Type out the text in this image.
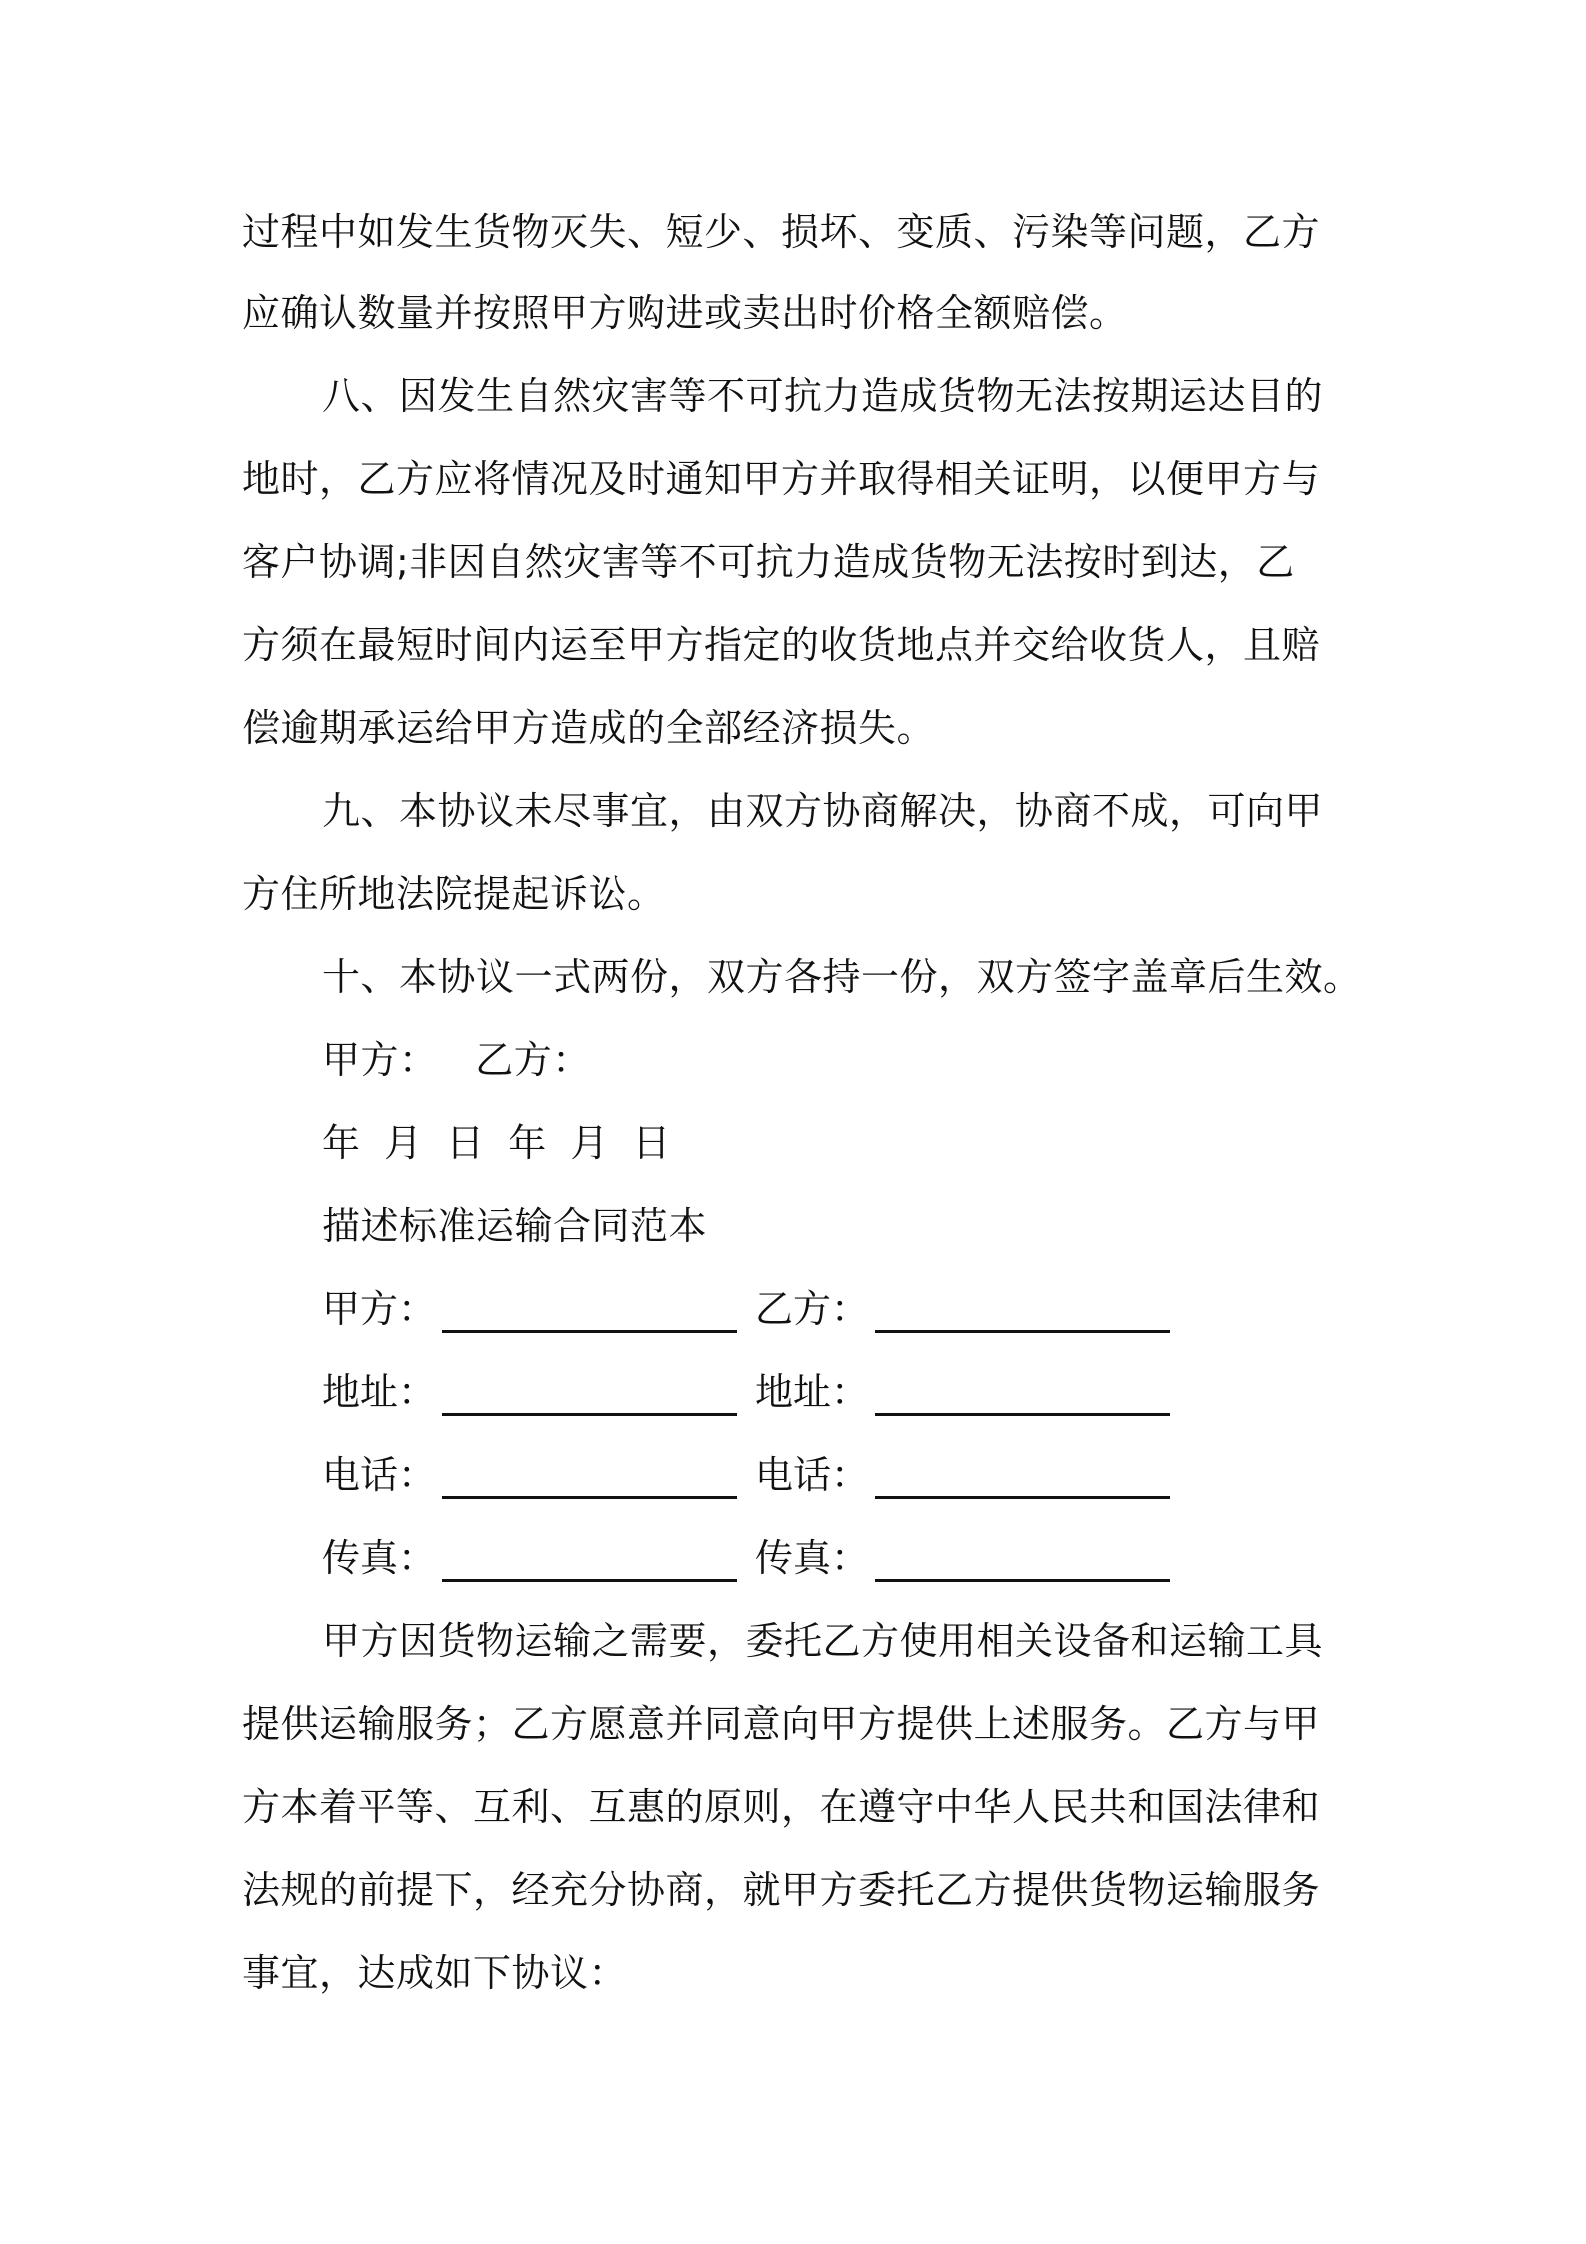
过程中如发生货物灭失、短少、损坏、变质、污染等问题，乙方

应确认数量并按照甲方购进或卖出时价格全额赔偿。

八、因发生自然灾害等不可抗力造成货物无法按期运达目的

地时，乙方应将情况及时通知甲方并取得相关证明，以便甲方与

客户协调;非因自然灾害等不可抗力造成货物无法按时到达，乙

方须在最短时间内运至甲方指定的收货地点并交给收货人，且赔

偿逾期承运给甲方造成的全部经济损失。

九、本协议未尽事宜，由双方协商解决，协商不成，可向甲

方住所地法院提起诉讼。

十、本协议一式两份，双方各持一份，双方签字盖章后生效。

甲方：   乙方：

年 月 日 年 月 日

描述标准运输合同范本

甲方：	乙方：
地址：	地址：
电话：	电话：
传真：	传真：

甲方因货物运输之需要，委托乙方使用相关设备和运输工具

提供运输服务；乙方愿意并同意向甲方提供上述服务。乙方与甲

方本着平等、互利、互惠的原则，在遵守中华人民共和国法律和

法规的前提下，经充分协商，就甲方委托乙方提供货物运输服务

事宜，达成如下协议：
